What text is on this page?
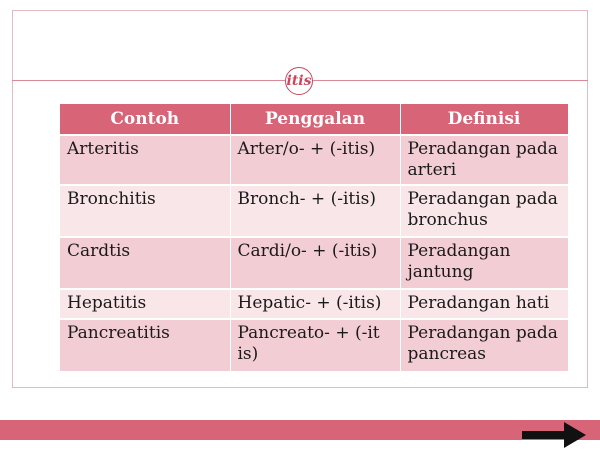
itis
Contoh	Penggalan	Definisi
Arteritis	Arter/o- + (-itis)	Peradangan pada arteri
Bronchitis	Bronch- + (-itis)	Peradangan pada bronchus
Cardtis	Cardi/o- + (-itis)	Peradangan jantung
Hepatitis	Hepatic- + (-itis)	Peradangan hati
Pancreatitis	Pancreato- + (-it is)	Peradangan pada pancreas
